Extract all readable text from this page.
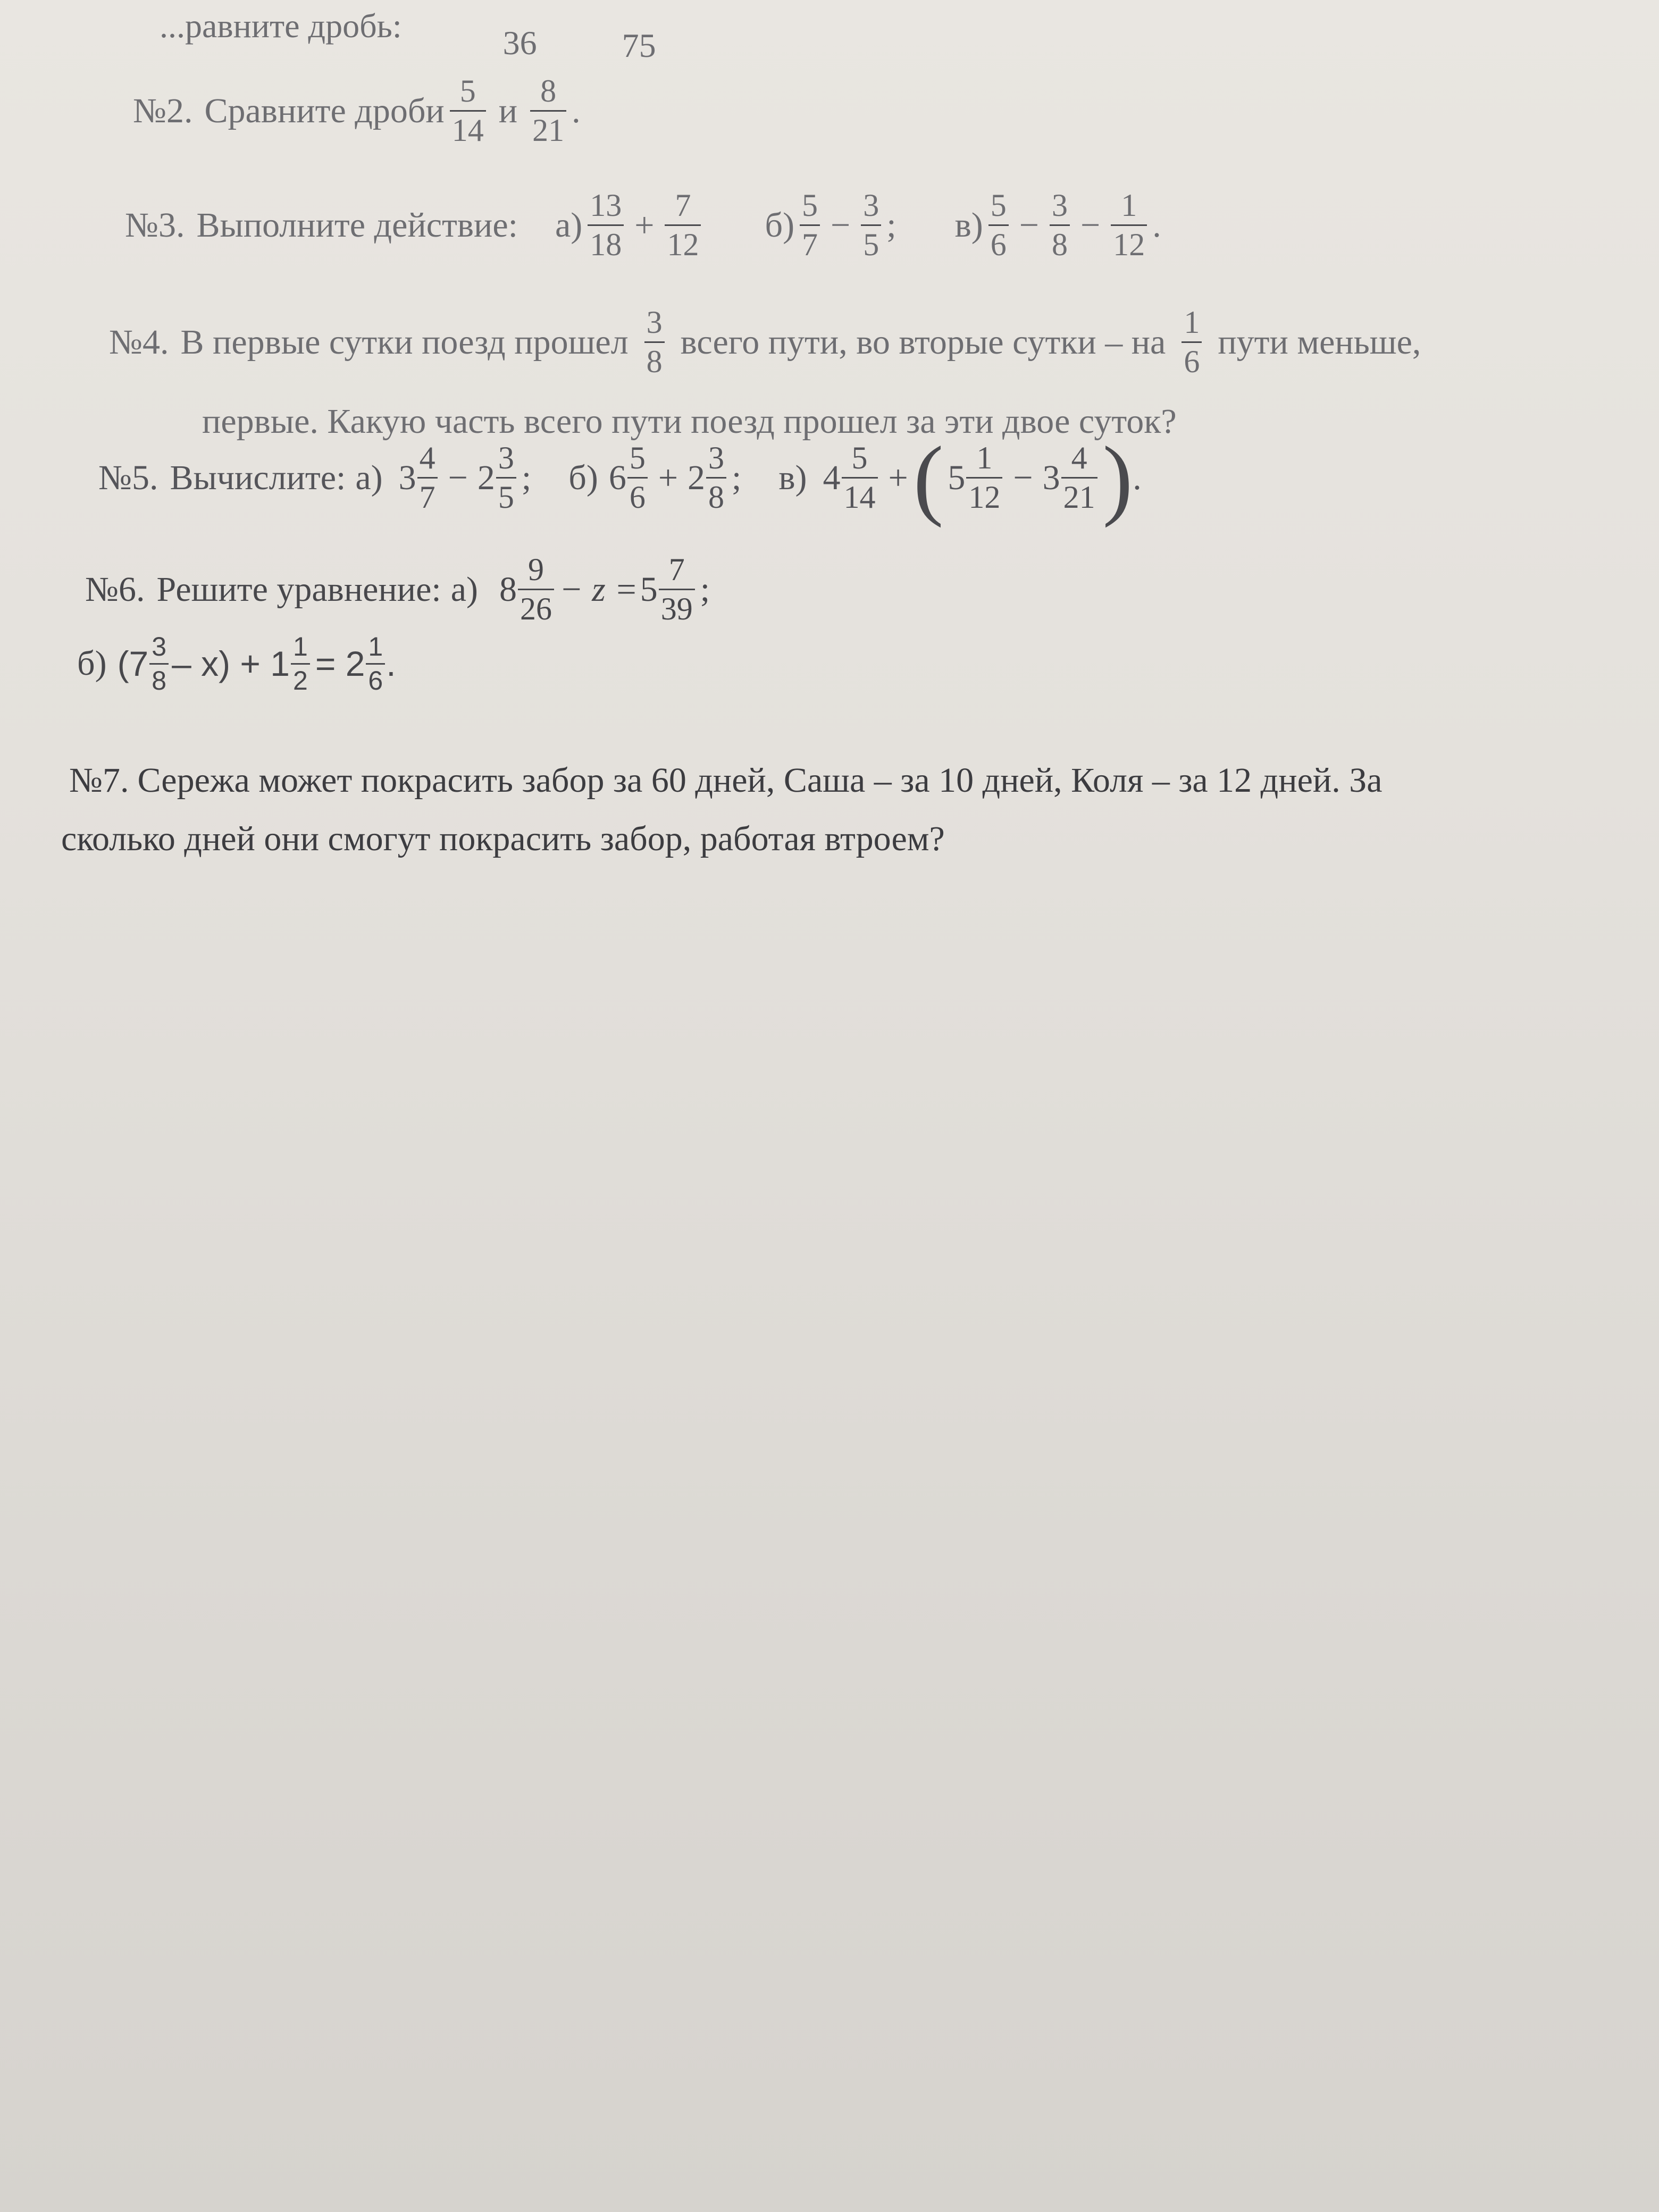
...равните дробь:	36	75
№2. Сравните дроби $\frac{5}{14}$ и $\frac{8}{21}$ .
№3. Выполните действие: $а) \frac{13}{18} + \frac{7}{12} б) \frac{5}{7} - \frac{3}{5}$ ; $в) \frac{5}{6} - \frac{3}{8} - \frac{1}{12}$ .
№4. В первые сутки поезд прошел $\frac{3}{8}$ всего пути, во вторые сутки – на $\frac{1}{6}$ пути меньше,
первые. Какую часть всего пути поезд прошел за эти двое суток?
№5. Вычислите: а) $3 \frac{4}{7} - 2 \frac{3}{5}$ ; б) $6 \frac{5}{6} + 2 \frac{3}{8}$ ; в) $4 \frac{5}{14}$ + ( $5 \frac{1}{12} - 3 \frac{4}{21}$ ) .
№6. Решите уравнение: а) $8 \frac{9}{26} - z = 5 \frac{7}{39}$ ;
б) $(7 \frac{3}{8} - x) + 1 \frac{1}{2} = 2 \frac{1}{6}$ .
№7. Сережа может покрасить забор за 60 дней, Саша – за 10 дней, Коля – за 12 дней. За
сколько дней они смогут покрасить забор, работая втроем?
